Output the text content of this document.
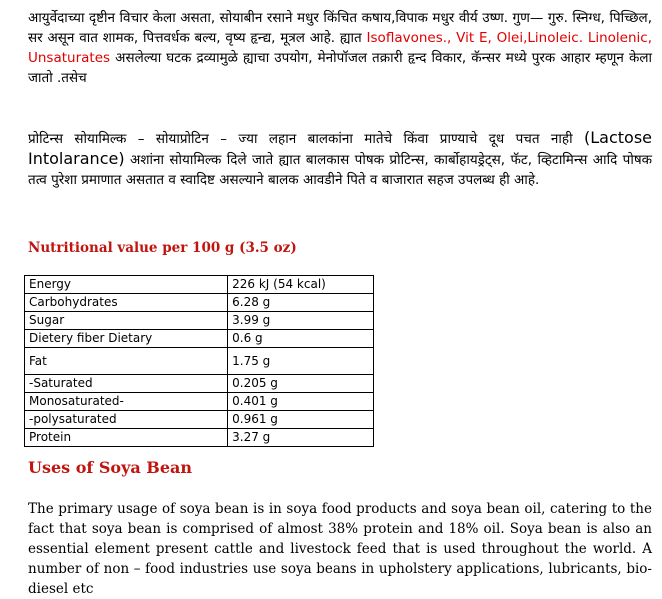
आयुर्वेदाच्या दृष्टीन विचार केला असता, सोयाबीन रसाने मधुर किंचित कषाय,विपाक मधुर वीर्य उष्ण. गुण— गुरु. स्निग्ध, पिच्छिल, सर असून वात शामक, पित्तवर्धक बल्य, वृष्य हृन्द्य, मूत्रल आहे. ह्यात Isoflavones., Vit E, Olei,Linoleic. Linolenic, Unsaturates असलेल्या घटक द्रव्यामुळे ह्याचा उपयोग, मेनोपॉजल तक्रारी हृन्द विकार, कॅन्सर मध्ये पुरक आहार म्हणून केला जातो .तसेच

प्रोटिन्स सोयामिल्क – सोयाप्रोटिन – ज्या लहान बालकांना मातेचे किंवा प्राण्याचे दूध पचत नाही (Lactose Intolarance) अशांना सोयामिल्क दिले जाते ह्यात बालकास पोषक प्रोटिन्स, कार्बोहायड्रेट्स, फॅट, व्हिटामिन्स आदि पोषक तत्व पुरेशा प्रमाणात असतात व स्वादिष्ट असल्याने बालक आवडीने पिते व बाजारात सहज उपलब्ध ही आहे.

Nutritional value per 100 g (3.5 oz)
Energy	226 kJ (54 kcal)
Carbohydrates	6.28 g
Sugar	3.99 g
Dietery fiber Dietary	0.6 g
Fat	1.75 g
-Saturated	0.205 g
Monosaturated-	0.401 g
-polysaturated	0.961 g
Protein	3.27 g
Uses of Soya Bean

The primary usage of soya bean is in soya food products and soya bean oil, catering to the fact that soya bean is comprised of almost 38% protein and 18% oil. Soya bean is also an essential element present cattle and livestock feed that is used throughout the world. A number of non – food industries use soya beans in upholstery applications, lubricants, bio-diesel etc
